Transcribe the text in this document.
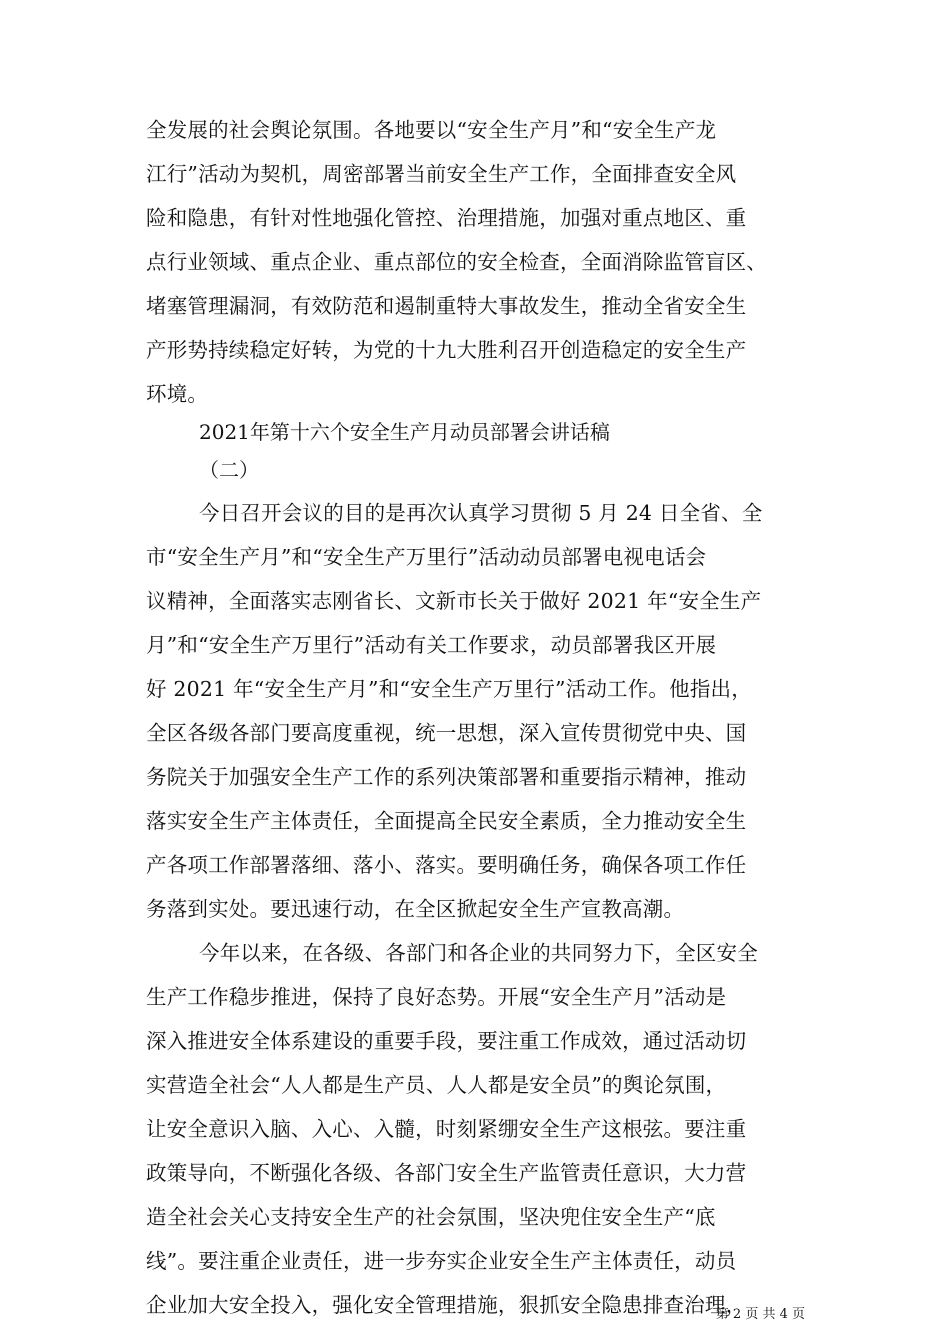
全发展的社会舆论氛围。各地要以“安全生产月”和“安全生产龙
江行”活动为契机，周密部署当前安全生产工作，全面排查安全风
险和隐患，有针对性地强化管控、治理措施，加强对重点地区、重
点行业领域、重点企业、重点部位的安全检查，全面消除监管盲区、
堵塞管理漏洞，有效防范和遏制重特大事故发生，推动全省安全生
产形势持续稳定好转，为党的十九大胜利召开创造稳定的安全生产
环境。
2021年第十六个安全生产月动员部署会讲话稿
（二）
今日召开会议的目的是再次认真学习贯彻 5 月 24 日全省、全
市“安全生产月”和“安全生产万里行”活动动员部署电视电话会
议精神，全面落实志刚省长、文新市长关于做好 2021 年“安全生产
月”和“安全生产万里行”活动有关工作要求，动员部署我区开展
好 2021 年“安全生产月”和“安全生产万里行”活动工作。他指出，
全区各级各部门要高度重视，统一思想，深入宣传贯彻党中央、国
务院关于加强安全生产工作的系列决策部署和重要指示精神，推动
落实安全生产主体责任，全面提高全民安全素质，全力推动安全生
产各项工作部署落细、落小、落实。要明确任务，确保各项工作任
务落到实处。要迅速行动，在全区掀起安全生产宣教高潮。
今年以来，在各级、各部门和各企业的共同努力下，全区安全
生产工作稳步推进，保持了良好态势。开展“安全生产月”活动是
深入推进安全体系建设的重要手段，要注重工作成效，通过活动切
实营造全社会“人人都是生产员、人人都是安全员”的舆论氛围，
让安全意识入脑、入心、入髓，时刻紧绷安全生产这根弦。要注重
政策导向，不断强化各级、各部门安全生产监管责任意识，大力营
造全社会关心支持安全生产的社会氛围，坚决兜住安全生产“底
线”。要注重企业责任，进一步夯实企业安全生产主体责任，动员
企业加大安全投入，强化安全管理措施，狠抓安全隐患排查治理，
第 2 页 共 4 页
